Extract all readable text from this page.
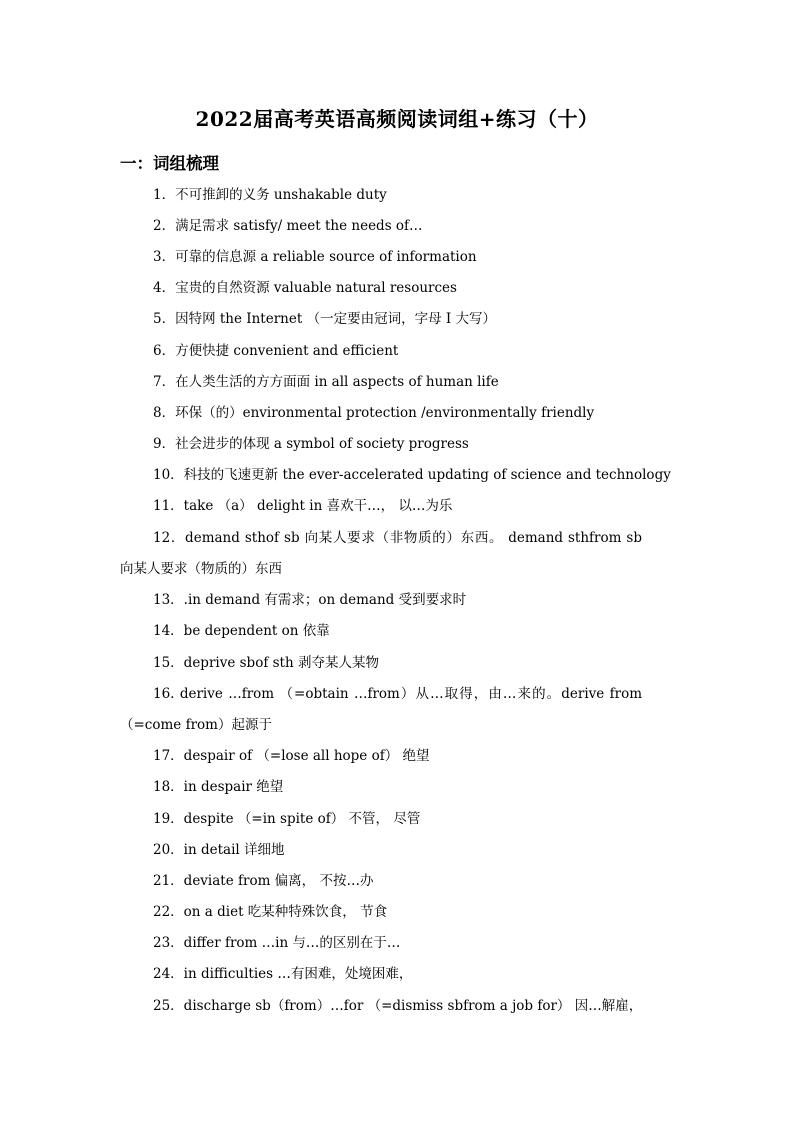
2022届高考英语高频阅读词组+练习（十）
一：词组梳理
1．不可推卸的义务 unshakable duty
2．满足需求 satisfy/ meet the needs of…
3．可靠的信息源 a reliable source of information
4．宝贵的自然资源 valuable natural resources
5．因特网 the Internet （一定要由冠词，字母 I 大写）
6．方便快捷 convenient and efficient
7．在人类生活的方方面面 in all aspects of human life
8．环保（的）environmental protection /environmentally friendly
9．社会进步的体现 a symbol of society progress
10．科技的飞速更新 the ever-accelerated updating of science and technology
11．take （a） delight in 喜欢干…， 以…为乐
12．demand sthof sb 向某人要求（非物质的）东西。 demand sthfrom sb 向某人要求（物质的）东西
13．.in demand 有需求；on demand 受到要求时
14．be dependent on 依靠
15．deprive sbof sth 剥夺某人某物
16. derive …from （=obtain …from）从…取得，由…来的。derive from （=come from）起源于
17．despair of （=lose all hope of） 绝望
18．in despair 绝望
19．despite （=in spite of） 不管， 尽管
20．in detail 详细地
21．deviate from 偏离， 不按…办
22．on a diet 吃某种特殊饮食， 节食
23．differ from …in 与…的区别在于…
24．in difficulties …有困难，处境困难，
25．discharge sb（from）…for （=dismiss sbfrom a job for） 因…解雇，
